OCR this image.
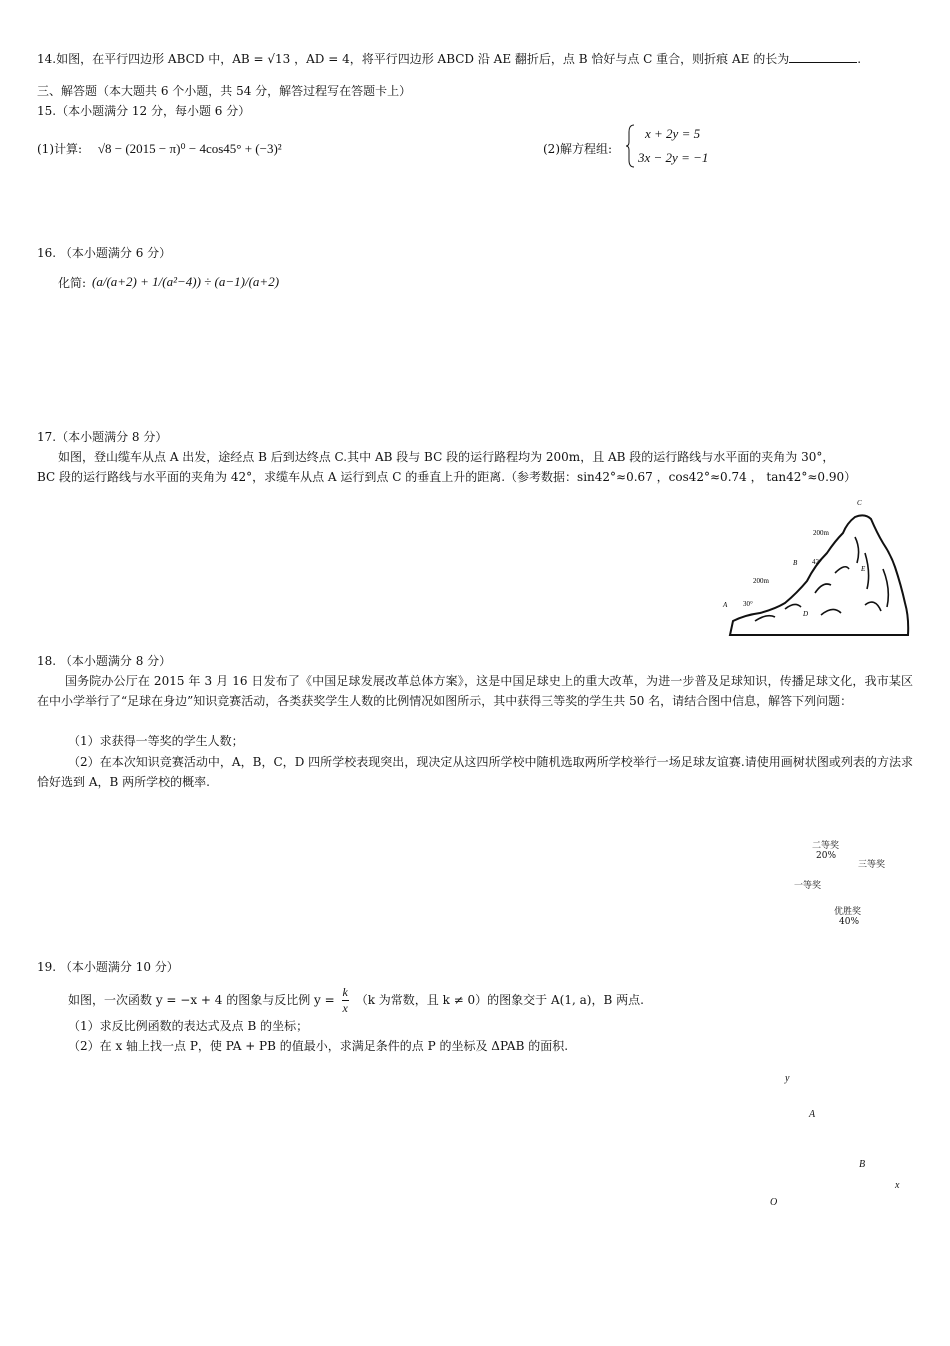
14.如图，在平行四边形 ABCD 中，AB = √13 ，AD = 4，将平行四边形 ABCD 沿 AE 翻折后，点 B 恰好与点 C 重合，则折痕 AE 的长为	.
三、解答题（本大题共 6 个小题，共 54 分，解答过程写在答题卡上）
15.（本小题满分 12 分，每小题 6 分）
(1)计算: √8 − (2015 − π)⁰ − 4cos45° + (−3)²	(2)解方程组:
x + 2y = 5
3x − 2y = −1
16. （本小题满分 6 分）
化简: (a/(a+2) + 1/(a²−4)) ÷ (a−1)/(a+2)
17.（本小题满分 8 分）
如图，登山缆车从点 A 出发，途经点 B 后到达终点 C.其中 AB 段与 BC 段的运行路程均为 200m，且 AB 段的运行路线与水平面的夹角为 30°，
BC 段的运行路线与水平面的夹角为 42°，求缆车从点 A 运行到点 C 的垂直上升的距离.（参考数据：sin42°≈0.67 ，cos42°≈0.74 ， tan42°≈0.90）
C
200m
B 42°
E
200m
A 30°
D
18. （本小题满分 8 分）
国务院办公厅在 2015 年 3 月 16 日发布了《中国足球发展改革总体方案》，这是中国足球史上的重大改革，为进一步普及足球知识，传播足球文化，我市某区在中小学举行了“足球在身边”知识竞赛活动，各类获奖学生人数的比例情况如图所示，其中获得三等奖的学生共 50 名，请结合图中信息，解答下列问题：
（1）求获得一等奖的学生人数；
（2）在本次知识竞赛活动中，A，B，C，D 四所学校表现突出，现决定从这四所学校中随机选取两所学校举行一场足球友谊赛.请使用画树状图或列表的方法求恰好选到 A，B 两所学校的概率.
二等奖
20%
三等奖
一等奖
优胜奖
40%
19. （本小题满分 10 分）
如图，一次函数 y = −x + 4 的图象与反比例 $y = \frac{k}{x} (k$ 为常数，且 k ≠ 0）的图象交于 A(1, a)，B 两点.
（1）求反比例函数的表达式及点 B 的坐标；
（2）在 x 轴上找一点 P，使 PA + PB 的值最小，求满足条件的点 P 的坐标及 ΔPAB 的面积.
y
A
B
x
O
